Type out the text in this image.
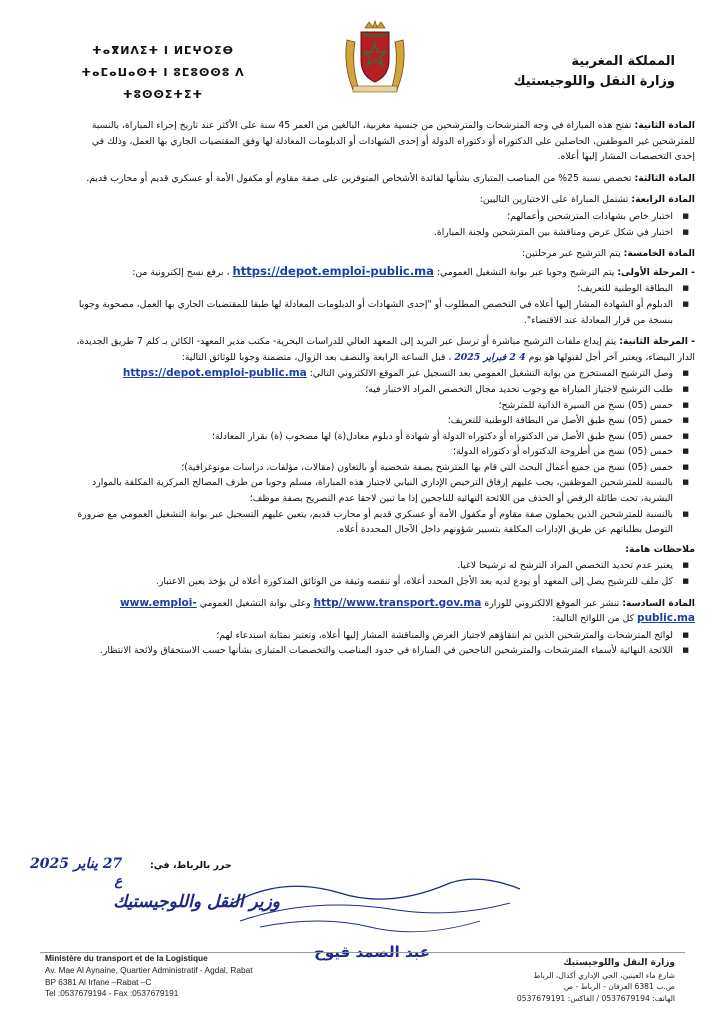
ⵜⴰⴳⵍⴷⵉⵜ ⵏ ⵍⵎⵖⵔⵉⴱ
ⵜⴰⵎⴰⵡⴰⵙⵜ ⵏ ⵓⵎⵓⵙⵙⵓ ⴷ ⵜⵓⵙⵙⵉⵜⵉⵜ
المملكة المغربية
وزارة النقل واللوجيستيك

المادة الثانية: تفتح هذه المباراة في وجه المترشحات والمترشحين من جنسية مغربية، البالغين من العمر 45 سنة على الأكثر عند تاريخ إجراء المباراة، بالنسبة للمترشحين غير الموظفين، الحاصلين على الدكتوراه أو دكتوراه الدولة أو إحدى الشهادات أو الدبلومات المعادلة لها وفق المقتضيات الجاري بها العمل، وذلك في إحدى التخصصات المشار إليها أعلاه.

المادة الثالثة: تخصص نسبة 25% من المناصب المتبارى بشأنها لفائدة الأشخاص المتوفرين على صفة مقاوم أو مكفول الأمة أو عسكري قديم أو محارب قديم.

المادة الرابعة: تشتمل المباراة على الاختبارين التاليين:

■ اختبار خاص بشهادات المترشحين وأعمالهم؛
■ اختبار في شكل عرض ومناقشة بين المترشحين ولجنة المباراة.

المادة الخامسة: يتم الترشيح عبر مرحلتين:

- المرحلة الأولى: يتم الترشيح وجوبا عبر بوابة التشغيل العمومي: https://depot.emploi-public.ma ، برفع نسخ إلكترونية من:

■ البطاقة الوطنية للتعريف؛
■ الدبلوم أو الشهادة المشار إليها أعلاه في التخصص المطلوب أو "إحدى الشهادات أو الدبلومات المعادلة لها طبقا للمقتضيات الجاري بها العمل، مصحوبة وجوبا بنسخة من قرار المعادلة عند الاقتضاء".

- المرحلة الثانية: يتم إيداع ملفات الترشيح مباشرة أو ترسل عبر البريد إلى المعهد العالي للدراسات البحرية- مكتب مدير المعهد- الكائن بـ كلم 7 طريق الجديدة، الدار البيضاء، ويعتبر آخر أجل لقبولها هو يوم 4 2 فبراير 2025 ، قبل الساعة الرابعة والنصف بعد الزوال، متضمنة وجوبا للوثائق التالية:

■ وصل الترشيح المستخرج من بوابة التشغيل العمومي بعد التسجيل عبر الموقع الالكتروني التالي: https://depot.emploi-public.ma
■ طلب الترشيح لاجتياز المباراة مع وجوب تحديد مجال التخصص المراد الاختبار فيه؛
■ خمس (05) نسخ من السيرة الذاتية للمترشح؛
■ خمس (05) نسخ طبق الأصل من البطاقة الوطنية للتعريف؛
■ خمس (05) نسخ طبق الأصل من الدكتوراه أو دكتوراه الدولة أو شهادة أو دبلوم معادل(ة) لها مصحوب (ة) بقرار المعادلة؛
■ خمس (05) نسخ من أطروحة الدكتوراه أو دكتوراه الدولة؛
■ خمس (05) نسخ من جميع أعمال البحث التي قام بها المترشح بصفة شخصية أو بالتعاون (مقالات، مؤلفات، دراسات مونوغرافية)؛
■ بالنسبة للمترشحين الموظفين، يجب عليهم إرفاق الترخيص الإداري النيابي لاجتياز هذه المباراة، مسلم وجوبا من طرف المصالح المركزية المكلفة بالموارد البشرية، تحت طائلة الرفض أو الحذف من اللائحة النهائية للناجحين إذا ما تبين لاحقا عدم التصريح بصفة موظف؛
■ بالنسبة للمترشحين الذين يحملون صفة مقاوم أو مكفول الأمة أو عسكري قديم أو محارب قديم، يتعين عليهم التسجيل عبر بوابة التشغيل العمومي مع ضرورة التوصل بطلباتهم عن طريق الإدارات المكلفة بتسيير شؤونهم داخل الآجال المحددة أعلاه.

ملاحظات هامة:

■ يعتبر عدم تحديد التخصص المراد الترشح له ترشيحا لاغيا.
■ كل ملف للترشيح يصل إلى المعهد أو يودع لديه بعد الأجل المحدد أعلاه، أو تنقصه وثيقة من الوثائق المذكورة أعلاه لن يؤخذ بعين الاعتبار.

المادة السادسة: تنشر عبر الموقع الالكتروني للوزارة http//www.transport.gov.ma وعلى بوابة التشغيل العمومي www.emploi-public.ma كل من اللوائح التالية:

■ لوائح المترشحات والمترشحين الذين تم انتقاؤهم لاجتياز العرض والمناقشة المشار إليها أعلاه، وتعتبر بمثابة استدعاء لهم؛
■ اللائحة النهائية لأسماء المترشحات والمترشحين الناجحين في المباراة في حدود المناصب والتخصصات المتبارى بشأنها حسب الاستحقاق ولائحة الانتظار.
حرر بالرباط، في:
27 يناير 2025
ع
وزير النقل واللوجيستيك
عبد الصمد قيوح
Ministère du transport et de la Logistique
Av. Mae Al Aynaine, Quartier Administratif - Agdal, Rabat
BP 6381 Al Irfane –Rabat –C
Tel :0537679194 - Fax :0537679191
وزارة النقل واللوجيستيك
شارع ماء العينين، الحي الإداري أكدال، الرباط
ص.ب 6381 العرفان - الرباط - ص
الهاتف: 0537679194 / الفاكس: 0537679191
